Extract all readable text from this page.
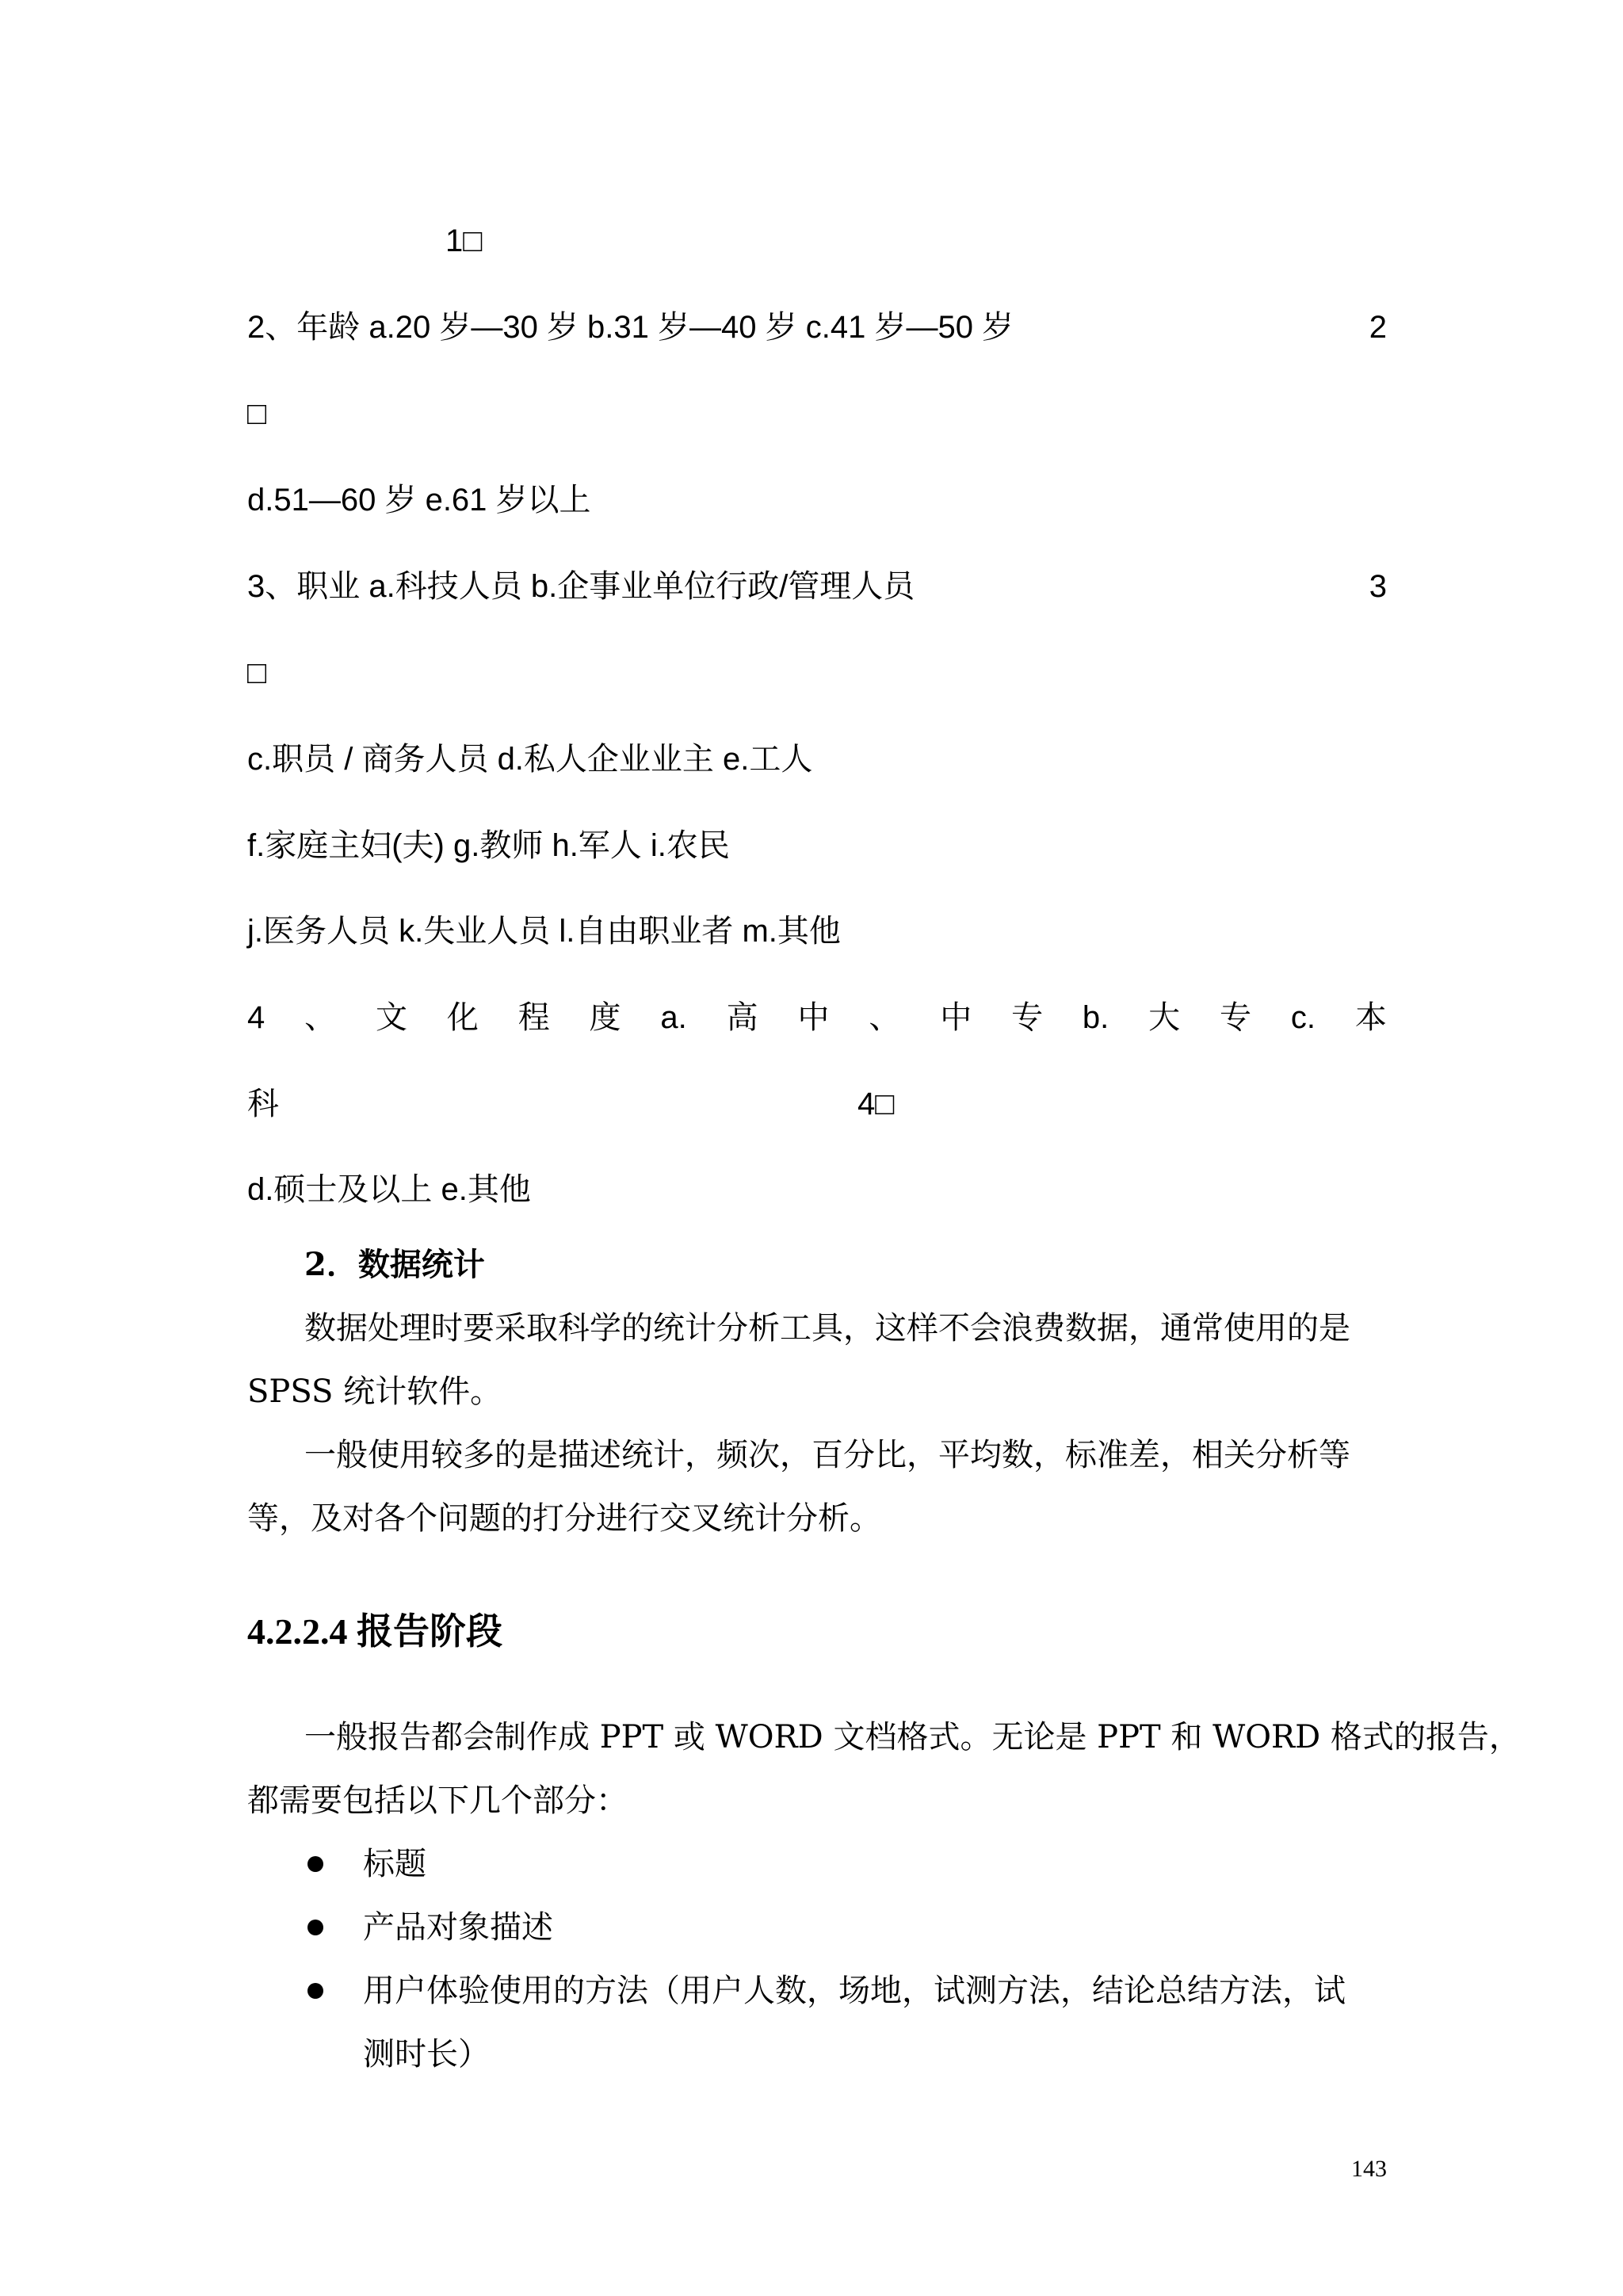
1□
2、年龄 a.20 岁—30 岁 b.31 岁—40 岁 c.41 岁—50 岁	2
□
d.51—60 岁 e.61 岁以上
3、职业 a.科技人员 b.企事业单位行政/管理人员	3
□
c.职员 / 商务人员 d.私人企业业主 e.工人
f.家庭主妇(夫) g.教师 h.军人 i.农民
j.医务人员 k.失业人员 l.自由职业者 m.其他
4 、 文 化 程 度 a. 高 中 、 中 专 b. 大 专 c. 本
科	4□
d.硕士及以上 e.其他
2．数据统计
数据处理时要采取科学的统计分析工具，这样不会浪费数据，通常使用的是
SPSS 统计软件。
一般使用较多的是描述统计，频次，百分比，平均数，标准差，相关分析等
等，及对各个问题的打分进行交叉统计分析。
4.2.2.4 报告阶段
一般报告都会制作成 PPT 或 WORD 文档格式。无论是 PPT 和 WORD 格式的报告，
都需要包括以下几个部分：
标题
产品对象描述
用户体验使用的方法（用户人数，场地，试测方法，结论总结方法，试
测时长）
143
